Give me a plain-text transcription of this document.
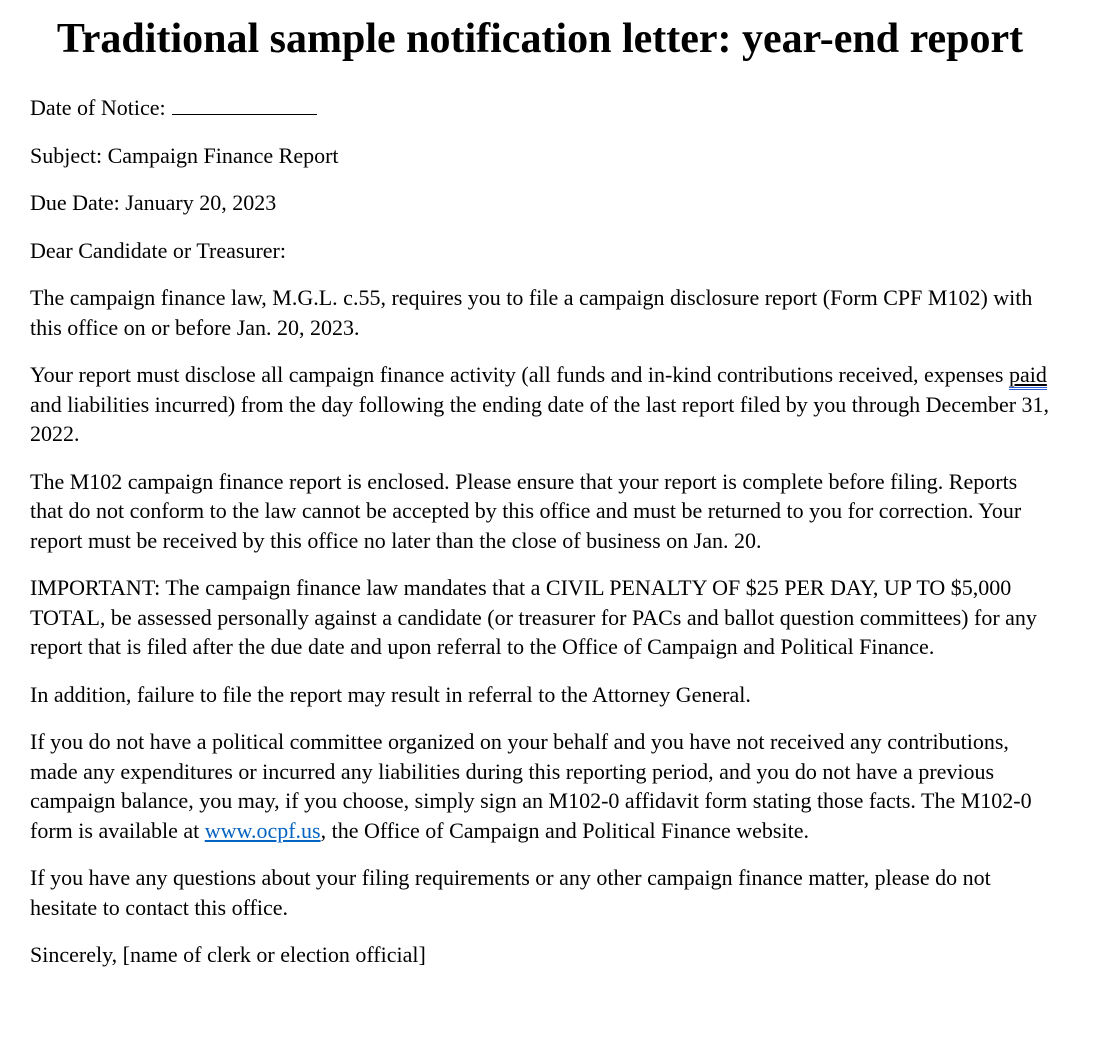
Traditional sample notification letter: year-end report

Date of Notice:

Subject: Campaign Finance Report

Due Date: January 20, 2023

Dear Candidate or Treasurer:

The campaign finance law, M.G.L. c.55, requires you to file a campaign disclosure report (Form CPF M102) with this office on or before Jan. 20, 2023.

Your report must disclose all campaign finance activity (all funds and in-kind contributions received, expenses paid and liabilities incurred) from the day following the ending date of the last report filed by you through December 31, 2022.

The M102 campaign finance report is enclosed. Please ensure that your report is complete before filing. Reports that do not conform to the law cannot be accepted by this office and must be returned to you for correction. Your report must be received by this office no later than the close of business on Jan. 20.

IMPORTANT: The campaign finance law mandates that a CIVIL PENALTY OF $25 PER DAY, UP TO $5,000 TOTAL, be assessed personally against a candidate (or treasurer for PACs and ballot question committees) for any report that is filed after the due date and upon referral to the Office of Campaign and Political Finance.

In addition, failure to file the report may result in referral to the Attorney General.

If you do not have a political committee organized on your behalf and you have not received any contributions, made any expenditures or incurred any liabilities during this reporting period, and you do not have a previous campaign balance, you may, if you choose, simply sign an M102-0 affidavit form stating those facts. The M102-0 form is available at www.ocpf.us, the Office of Campaign and Political Finance website.

If you have any questions about your filing requirements or any other campaign finance matter, please do not hesitate to contact this office.

Sincerely, [name of clerk or election official]
